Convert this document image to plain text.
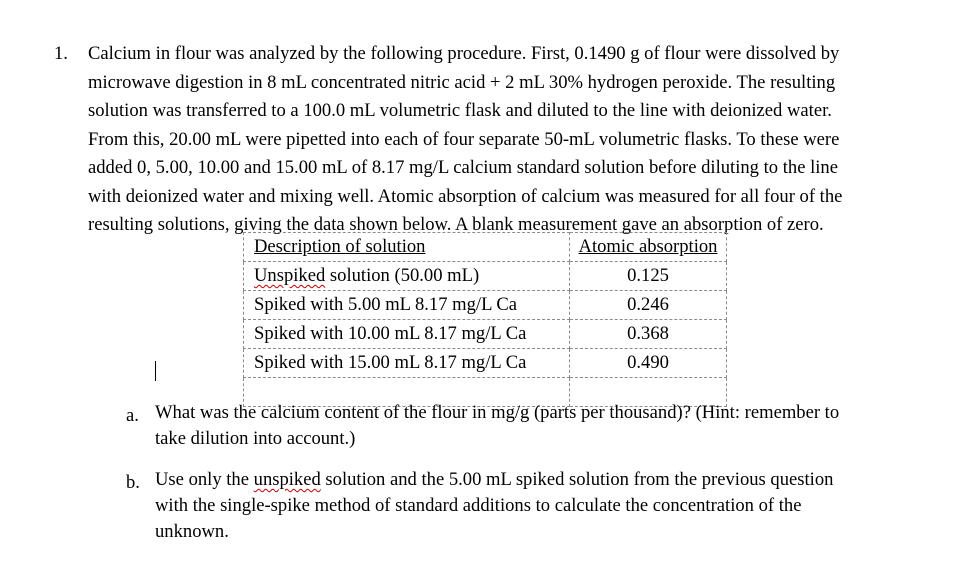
1. Calcium in flour was analyzed by the following procedure. First, 0.1490 g of flour were dissolved by
microwave digestion in 8 mL concentrated nitric acid + 2 mL 30% hydrogen peroxide. The resulting
solution was transferred to a 100.0 mL volumetric flask and diluted to the line with deionized water.
From this, 20.00 mL were pipetted into each of four separate 50-mL volumetric flasks. To these were
added 0, 5.00, 10.00 and 15.00 mL of 8.17 mg/L calcium standard solution before diluting to the line
with deionized water and mixing well. Atomic absorption of calcium was measured for all four of the
resulting solutions, giving the data shown below. A blank measurement gave an absorption of zero.

Description of solution	Atomic absorption
Unspiked solution (50.00 mL)	0.125
Spiked with 5.00 mL 8.17 mg/L Ca	0.246
Spiked with 10.00 mL 8.17 mg/L Ca	0.368
Spiked with 15.00 mL 8.17 mg/L Ca	0.490

a. What was the calcium content of the flour in mg/g (parts per thousand)? (Hint: remember to
take dilution into account.)

b. Use only the unspiked solution and the 5.00 mL spiked solution from the previous question
with the single-spike method of standard additions to calculate the concentration of the
unknown.
